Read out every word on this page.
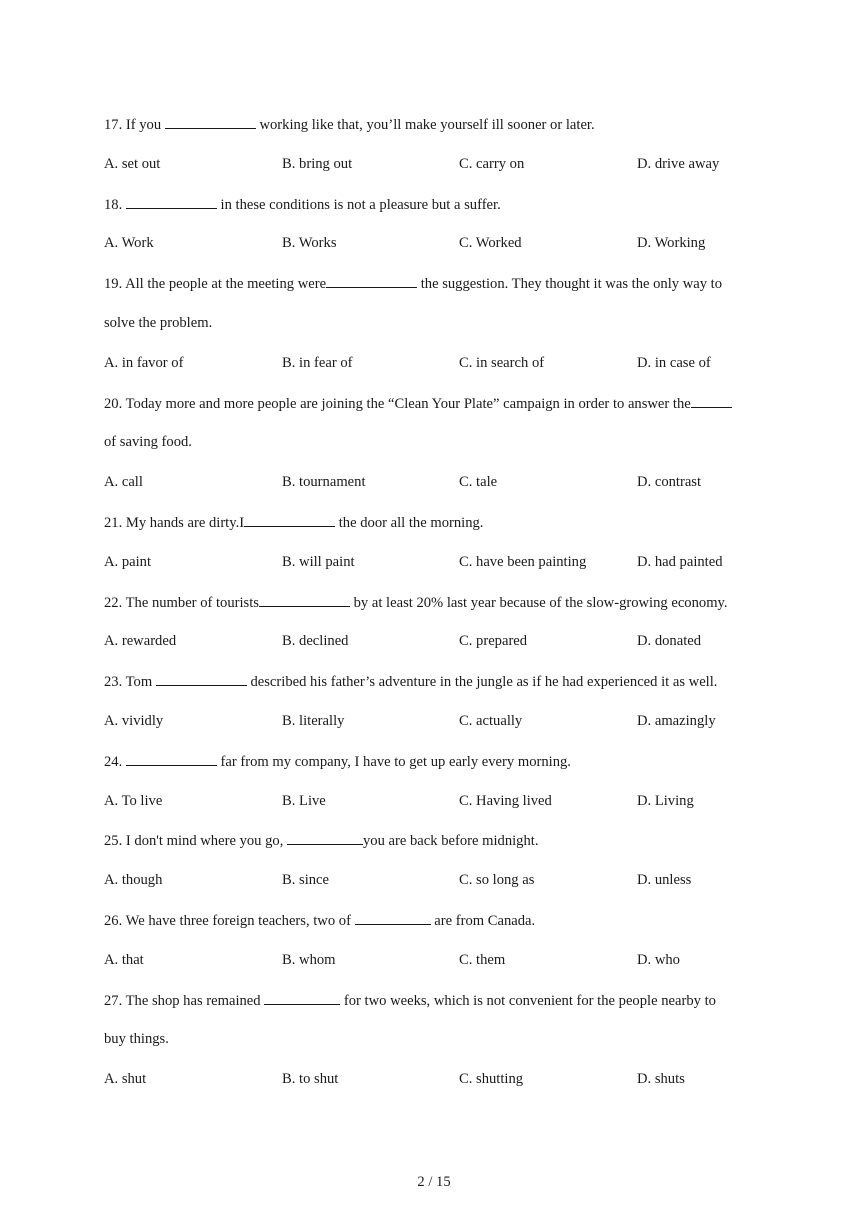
17. If you	working like that, you’ll make yourself ill sooner or later.
A. set out	B. bring out	C. carry on	D. drive away
18.	in these conditions is not a pleasure but a suffer.
A. Work	B. Works	C. Worked	D. Working
19. All the people at the meeting were	the suggestion. They thought it was the only way to
solve the problem.
A. in favor of	B. in fear of	C. in search of	D. in case of
20. Today more and more people are joining the “Clean Your Plate” campaign in order to answer the
of saving food.
A. call	B. tournament	C. tale	D. contrast
21. My hands are dirty.I	the door all the morning.
A. paint	B. will paint	C. have been painting	D. had painted
22. The number of tourists	by at least 20% last year because of the slow-growing economy.
A. rewarded	B. declined	C. prepared	D. donated
23. Tom	described his father’s adventure in the jungle as if he had experienced it as well.
A. vividly	B. literally	C. actually	D. amazingly
24.	far from my company, I have to get up early every morning.
A. To live	B. Live	C. Having lived	D. Living
25. I don't mind where you go,	you are back before midnight.
A. though	B. since	C. so long as	D. unless
26. We have three foreign teachers, two of	are from Canada.
A. that	B. whom	C. them	D. who
27. The shop has remained	for two weeks, which is not convenient for the people nearby to
buy things.
A. shut	B. to shut	C. shutting	D. shuts
2 / 15
